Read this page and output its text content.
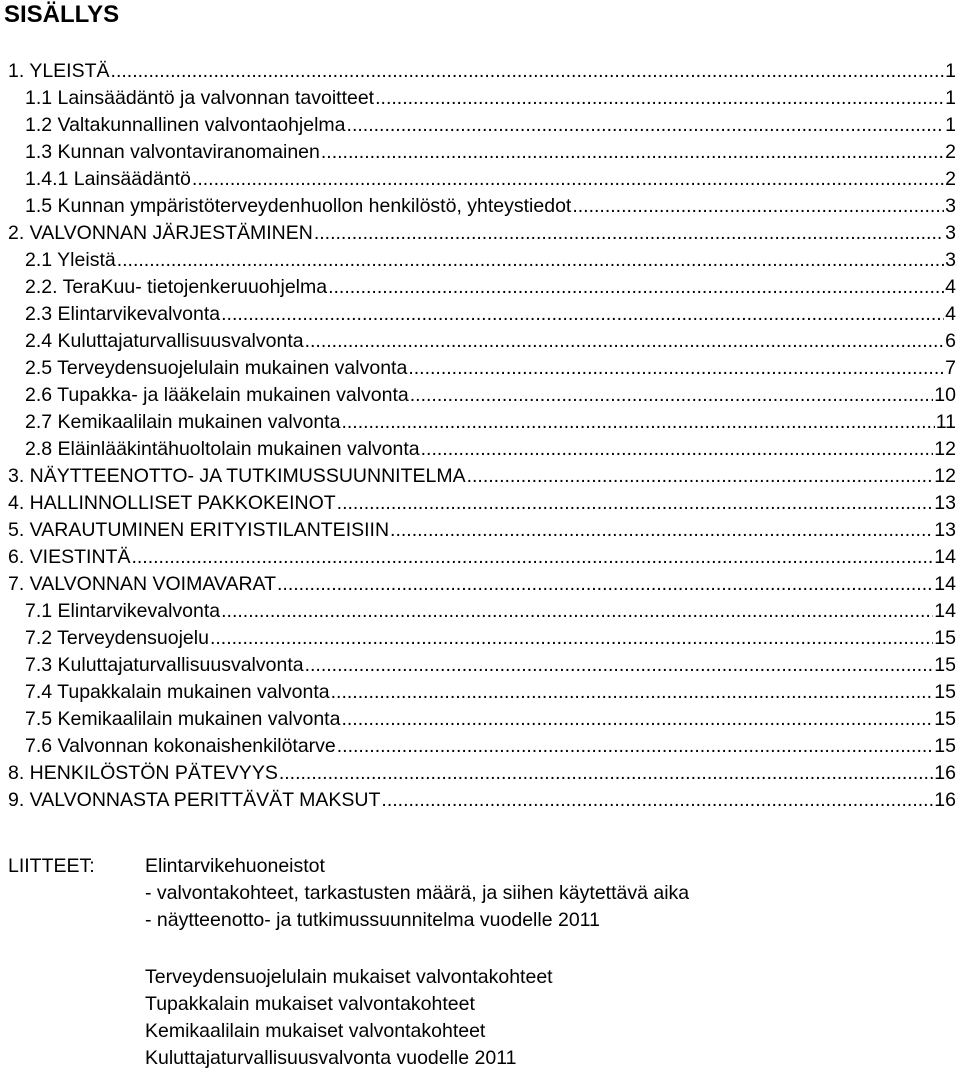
SISÄLLYS
1. YLEISTÄ .....	1
1.1 Lainsäädäntö ja valvonnan tavoitteet .....	1
1.2 Valtakunnallinen valvontaohjelma .....	1
1.3 Kunnan valvontaviranomainen .....	2
1.4.1 Lainsäädäntö .....	2
1.5 Kunnan ympäristöterveydenhuollon henkilöstö, yhteystiedot .....	3
2. VALVONNAN JÄRJESTÄMINEN .....	3
2.1 Yleistä .....	3
2.2. TeraKuu- tietojenkeruuohjelma .....	4
2.3 Elintarvikevalvonta .....	4
2.4 Kuluttajaturvallisuusvalvonta .....	6
2.5 Terveydensuojelulain mukainen valvonta .....	7
2.6 Tupakka- ja lääkelain mukainen valvonta .....	10
2.7 Kemikaalilain mukainen valvonta .....	11
2.8 Eläinlääkintähuoltolain mukainen valvonta .....	12
3. NÄYTTEENOTTO- JA TUTKIMUSSUUNNITELMA .....	12
4. HALLINNOLLISET PAKKOKEINOT .....	13
5. VARAUTUMINEN ERITYISTILANTEISIIN .....	13
6. VIESTINTÄ .....	14
7. VALVONNAN VOIMAVARAT .....	14
7.1 Elintarvikevalvonta .....	14
7.2 Terveydensuojelu .....	15
7.3 Kuluttajaturvallisuusvalvonta .....	15
7.4 Tupakkalain mukainen valvonta .....	15
7.5 Kemikaalilain mukainen valvonta .....	15
7.6 Valvonnan kokonaishenkilötarve .....	15
8. HENKILÖSTÖN PÄTEVYYS .....	16
9. VALVONNASTA PERITTÄVÄT MAKSUT .....	16
LIITTEET:	Elintarvikehuoneistot
- valvontakohteet, tarkastusten määrä, ja siihen käytettävä aika
- näytteenotto- ja tutkimussuunnitelma vuodelle 2011
Terveydensuojelulain mukaiset valvontakohteet
Tupakkalain mukaiset valvontakohteet
Kemikaalilain mukaiset valvontakohteet
Kuluttajaturvallisuusvalvonta vuodelle 2011
